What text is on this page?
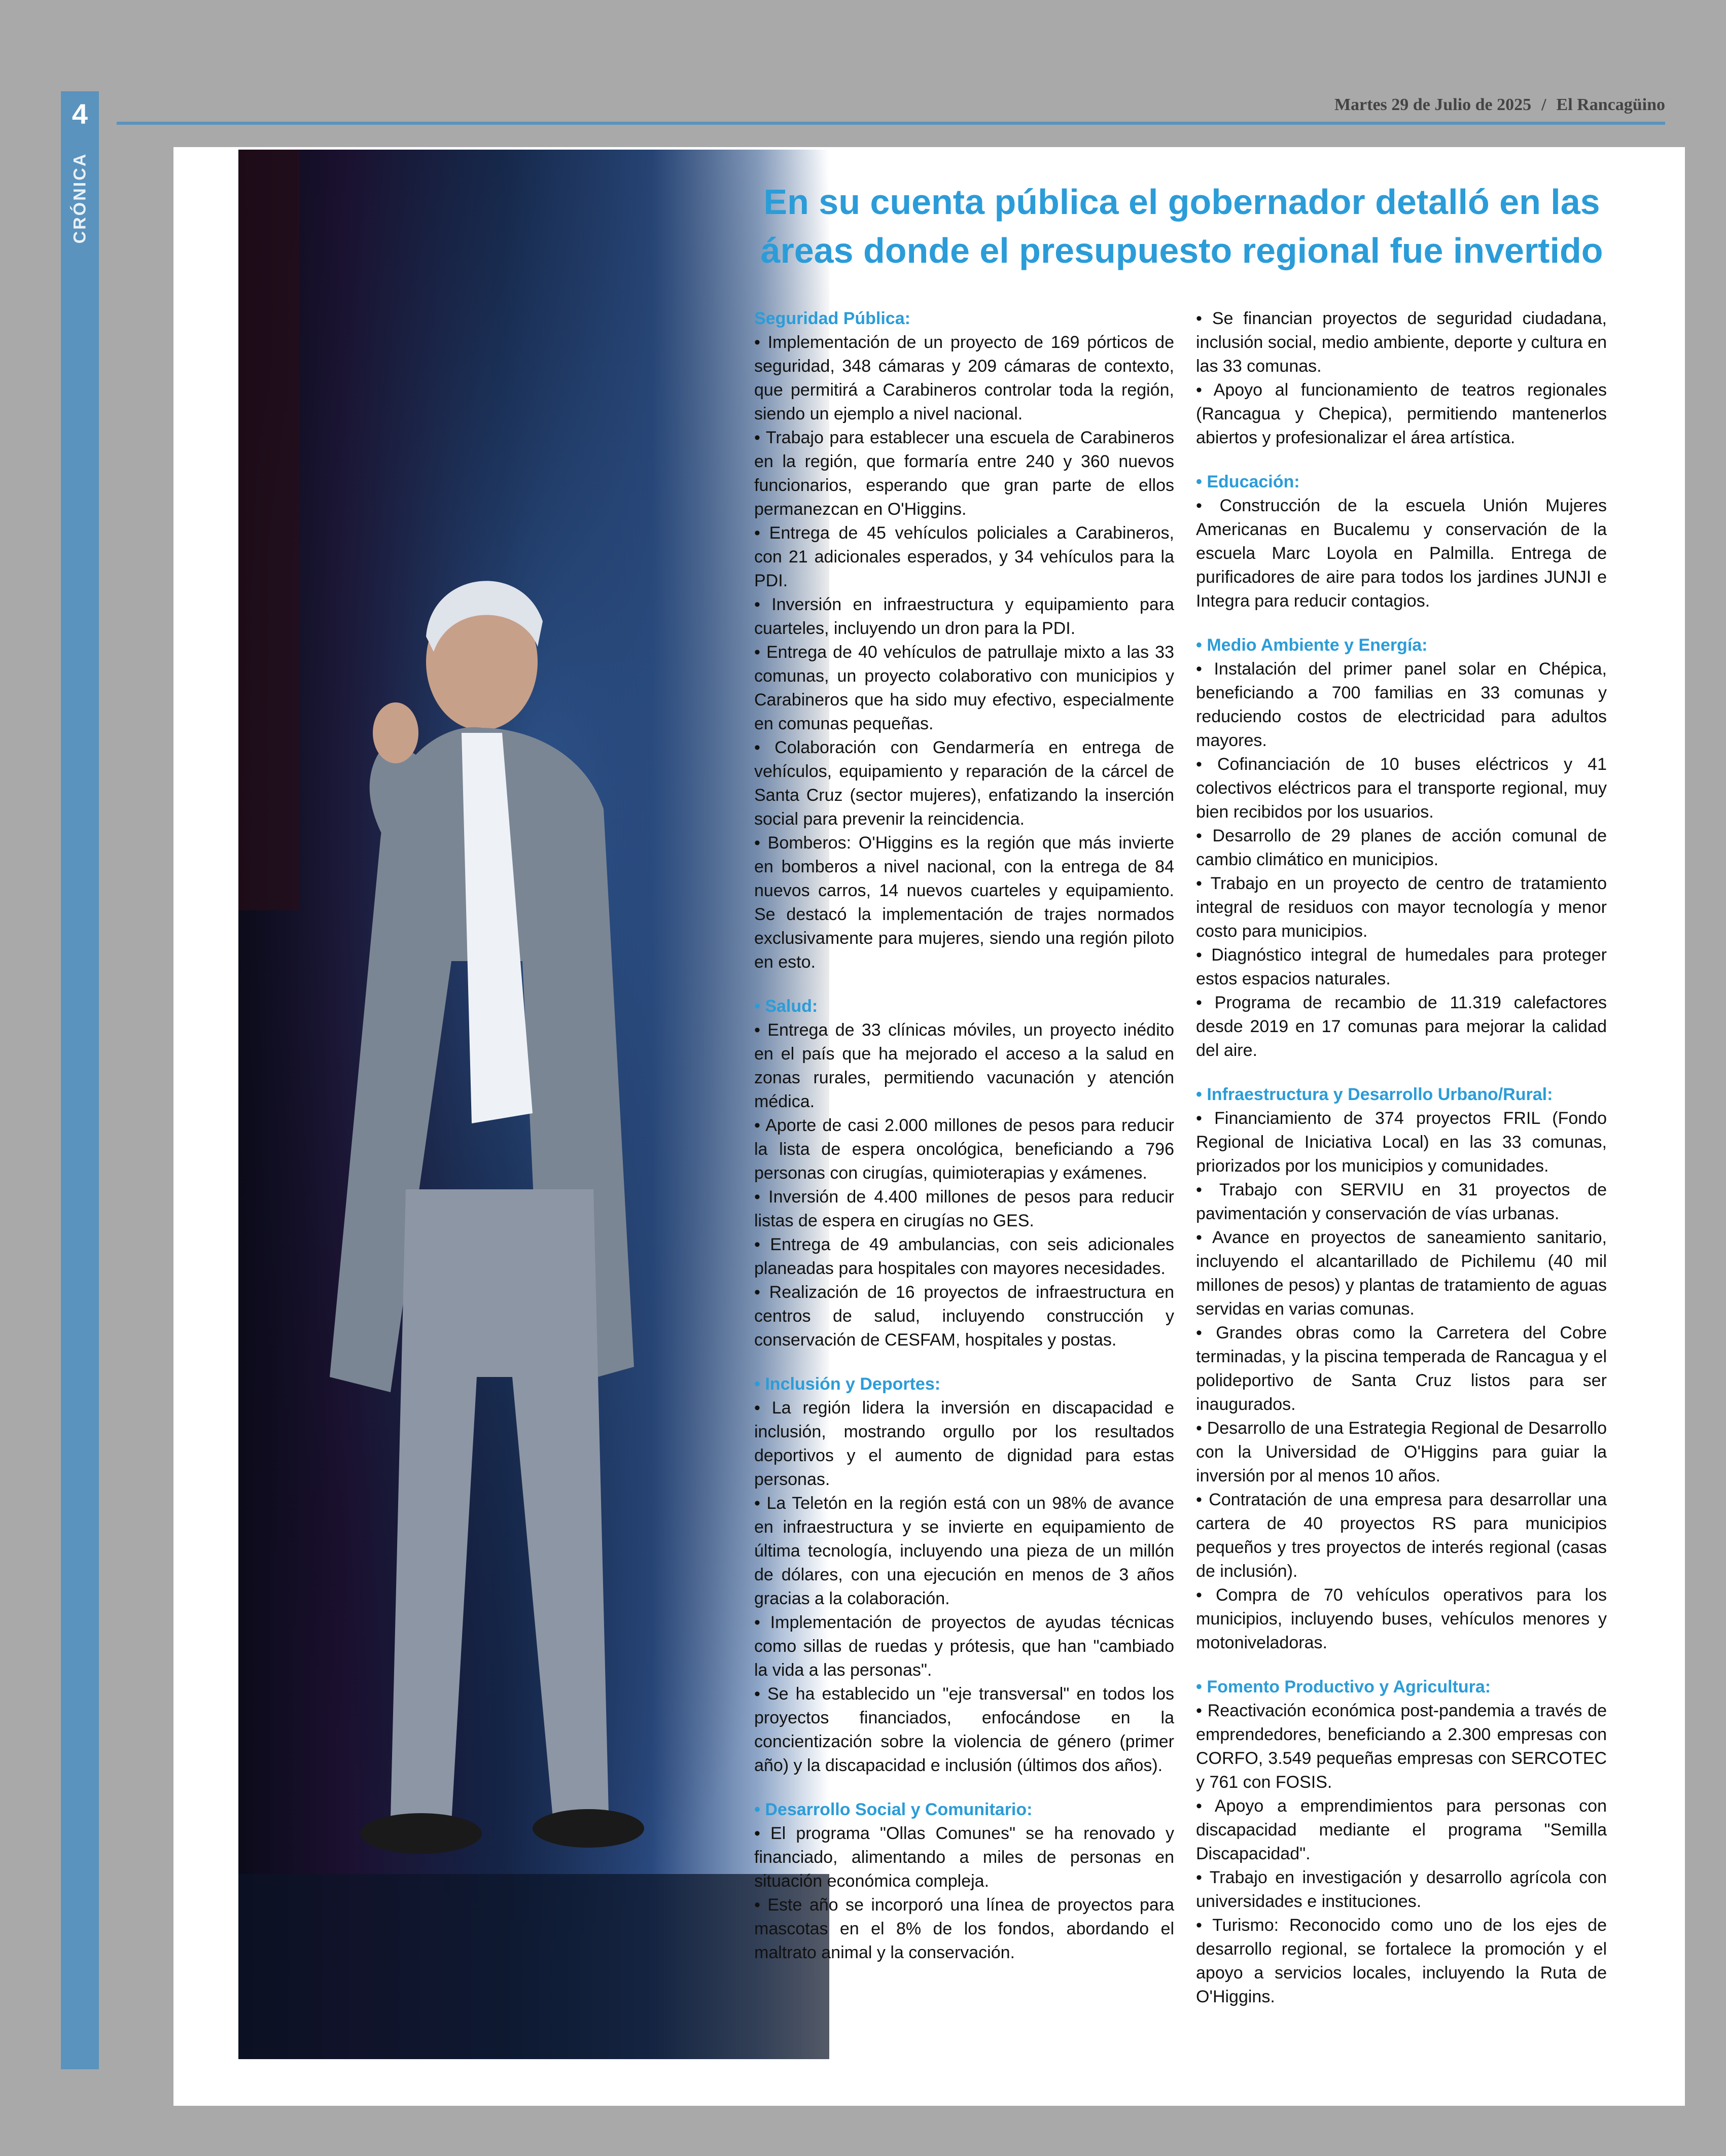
4
CRÓNICA
Martes 29 de Julio de 2025 / El Rancagüino
En su cuenta pública el gobernador detalló en las áreas donde el presupuesto regional fue invertido

Seguridad Pública:

• Implementación de un proyecto de 169 pórticos de seguridad, 348 cámaras y 209 cámaras de contexto, que permitirá a Carabineros controlar toda la región, siendo un ejemplo a nivel nacional.

• Trabajo para establecer una escuela de Carabineros en la región, que formaría entre 240 y 360 nuevos funcionarios, esperando que gran parte de ellos permanezcan en O'Higgins.

• Entrega de 45 vehículos policiales a Carabineros, con 21 adicionales esperados, y 34 vehículos para la PDI.

• Inversión en infraestructura y equipamiento para cuarteles, incluyendo un dron para la PDI.

• Entrega de 40 vehículos de patrullaje mixto a las 33 comunas, un proyecto colaborativo con municipios y Carabineros que ha sido muy efectivo, especialmente en comunas pequeñas.

• Colaboración con Gendarmería en entrega de vehículos, equipamiento y reparación de la cárcel de Santa Cruz (sector mujeres), enfatizando la inserción social para prevenir la reincidencia.

• Bomberos: O'Higgins es la región que más invierte en bomberos a nivel nacional, con la entrega de 84 nuevos carros, 14 nuevos cuarteles y equipamiento. Se destacó la implementación de trajes normados exclusivamente para mujeres, siendo una región piloto en esto.

• Salud:

• Entrega de 33 clínicas móviles, un proyecto inédito en el país que ha mejorado el acceso a la salud en zonas rurales, permitiendo vacunación y atención médica.

• Aporte de casi 2.000 millones de pesos para reducir la lista de espera oncológica, beneficiando a 796 personas con cirugías, quimioterapias y exámenes.

• Inversión de 4.400 millones de pesos para reducir listas de espera en cirugías no GES.

• Entrega de 49 ambulancias, con seis adicionales planeadas para hospitales con mayores necesidades.

• Realización de 16 proyectos de infraestructura en centros de salud, incluyendo construcción y conservación de CESFAM, hospitales y postas.

• Inclusión y Deportes:

• La región lidera la inversión en discapacidad e inclusión, mostrando orgullo por los resultados deportivos y el aumento de dignidad para estas personas.

• La Teletón en la región está con un 98% de avance en infraestructura y se invierte en equipamiento de última tecnología, incluyendo una pieza de un millón de dólares, con una ejecución en menos de 3 años gracias a la colaboración.

• Implementación de proyectos de ayudas técnicas como sillas de ruedas y prótesis, que han "cambiado la vida a las personas".

• Se ha establecido un "eje transversal" en todos los proyectos financiados, enfocándose en la concientización sobre la violencia de género (primer año) y la discapacidad e inclusión (últimos dos años).

• Desarrollo Social y Comunitario:

• El programa "Ollas Comunes" se ha renovado y financiado, alimentando a miles de personas en situación económica compleja.

• Este año se incorporó una línea de proyectos para mascotas en el 8% de los fondos, abordando el maltrato animal y la conservación.

• Se financian proyectos de seguridad ciudadana, inclusión social, medio ambiente, deporte y cultura en las 33 comunas.

• Apoyo al funcionamiento de teatros regionales (Rancagua y Chepica), permitiendo mantenerlos abiertos y profesionalizar el área artística.

• Educación:

• Construcción de la escuela Unión Mujeres Americanas en Bucalemu y conservación de la escuela Marc Loyola en Palmilla. Entrega de purificadores de aire para todos los jardines JUNJI e Integra para reducir contagios.

• Medio Ambiente y Energía:

• Instalación del primer panel solar en Chépica, beneficiando a 700 familias en 33 comunas y reduciendo costos de electricidad para adultos mayores.

• Cofinanciación de 10 buses eléctricos y 41 colectivos eléctricos para el transporte regional, muy bien recibidos por los usuarios.

• Desarrollo de 29 planes de acción comunal de cambio climático en municipios.

• Trabajo en un proyecto de centro de tratamiento integral de residuos con mayor tecnología y menor costo para municipios.

• Diagnóstico integral de humedales para proteger estos espacios naturales.

• Programa de recambio de 11.319 calefactores desde 2019 en 17 comunas para mejorar la calidad del aire.

• Infraestructura y Desarrollo Urbano/Rural:

• Financiamiento de 374 proyectos FRIL (Fondo Regional de Iniciativa Local) en las 33 comunas, priorizados por los municipios y comunidades.

• Trabajo con SERVIU en 31 proyectos de pavimentación y conservación de vías urbanas.

• Avance en proyectos de saneamiento sanitario, incluyendo el alcantarillado de Pichilemu (40 mil millones de pesos) y plantas de tratamiento de aguas servidas en varias comunas.

• Grandes obras como la Carretera del Cobre terminadas, y la piscina temperada de Rancagua y el polideportivo de Santa Cruz listos para ser inaugurados.

• Desarrollo de una Estrategia Regional de Desarrollo con la Universidad de O'Higgins para guiar la inversión por al menos 10 años.

• Contratación de una empresa para desarrollar una cartera de 40 proyectos RS para municipios pequeños y tres proyectos de interés regional (casas de inclusión).

• Compra de 70 vehículos operativos para los municipios, incluyendo buses, vehículos menores y motoniveladoras.

• Fomento Productivo y Agricultura:

• Reactivación económica post-pandemia a través de emprendedores, beneficiando a 2.300 empresas con CORFO, 3.549 pequeñas empresas con SERCOTEC y 761 con FOSIS.

• Apoyo a emprendimientos para personas con discapacidad mediante el programa "Semilla Discapacidad".

• Trabajo en investigación y desarrollo agrícola con universidades e instituciones.

• Turismo: Reconocido como uno de los ejes de desarrollo regional, se fortalece la promoción y el apoyo a servicios locales, incluyendo la Ruta de O'Higgins.
